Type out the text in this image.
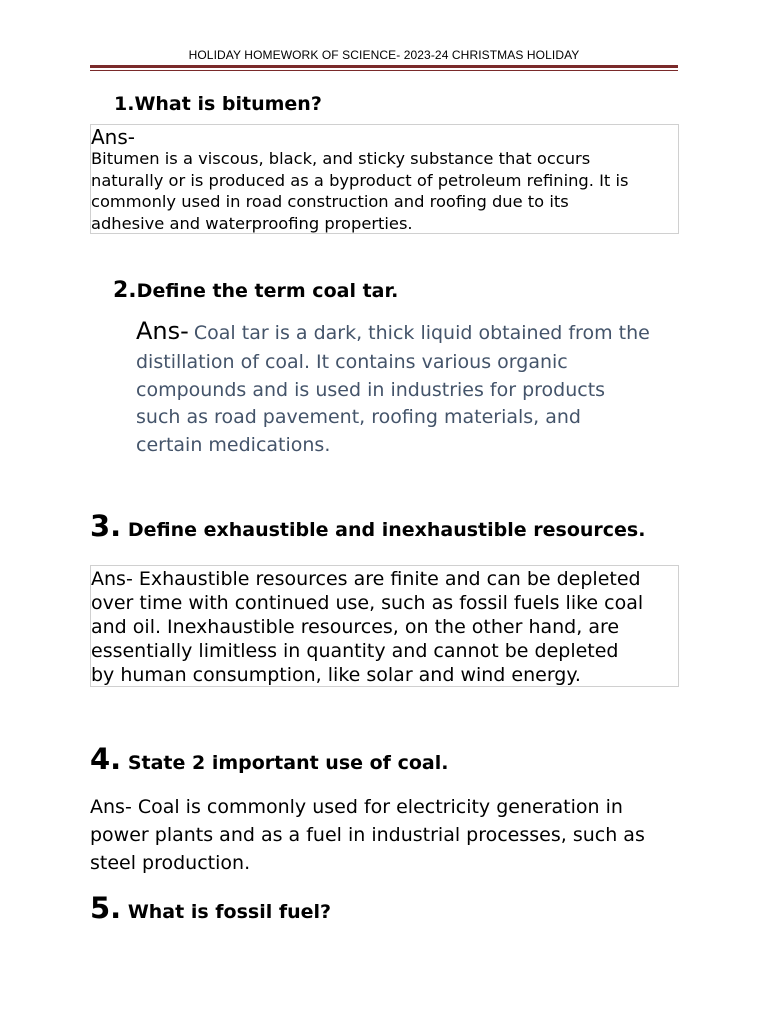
HOLIDAY HOMEWORK OF SCIENCE- 2023-24 CHRISTMAS HOLIDAY
1.What is bitumen?
Ans-
Bitumen is a viscous, black, and sticky substance that occurs
naturally or is produced as a byproduct of petroleum refining. It is
commonly used in road construction and roofing due to its
adhesive and waterproofing properties.
2.Define the term coal tar.
Ans- Coal tar is a dark, thick liquid obtained from the
distillation of coal. It contains various organic
compounds and is used in industries for products
such as road pavement, roofing materials, and
certain medications.
3. Define exhaustible and inexhaustible resources.
Ans- Exhaustible resources are finite and can be depleted
over time with continued use, such as fossil fuels like coal
and oil. Inexhaustible resources, on the other hand, are
essentially limitless in quantity and cannot be depleted
by human consumption, like solar and wind energy.
4. State 2 important use of coal.
Ans- Coal is commonly used for electricity generation in
power plants and as a fuel in industrial processes, such as
steel production.
5. What is fossil fuel?
